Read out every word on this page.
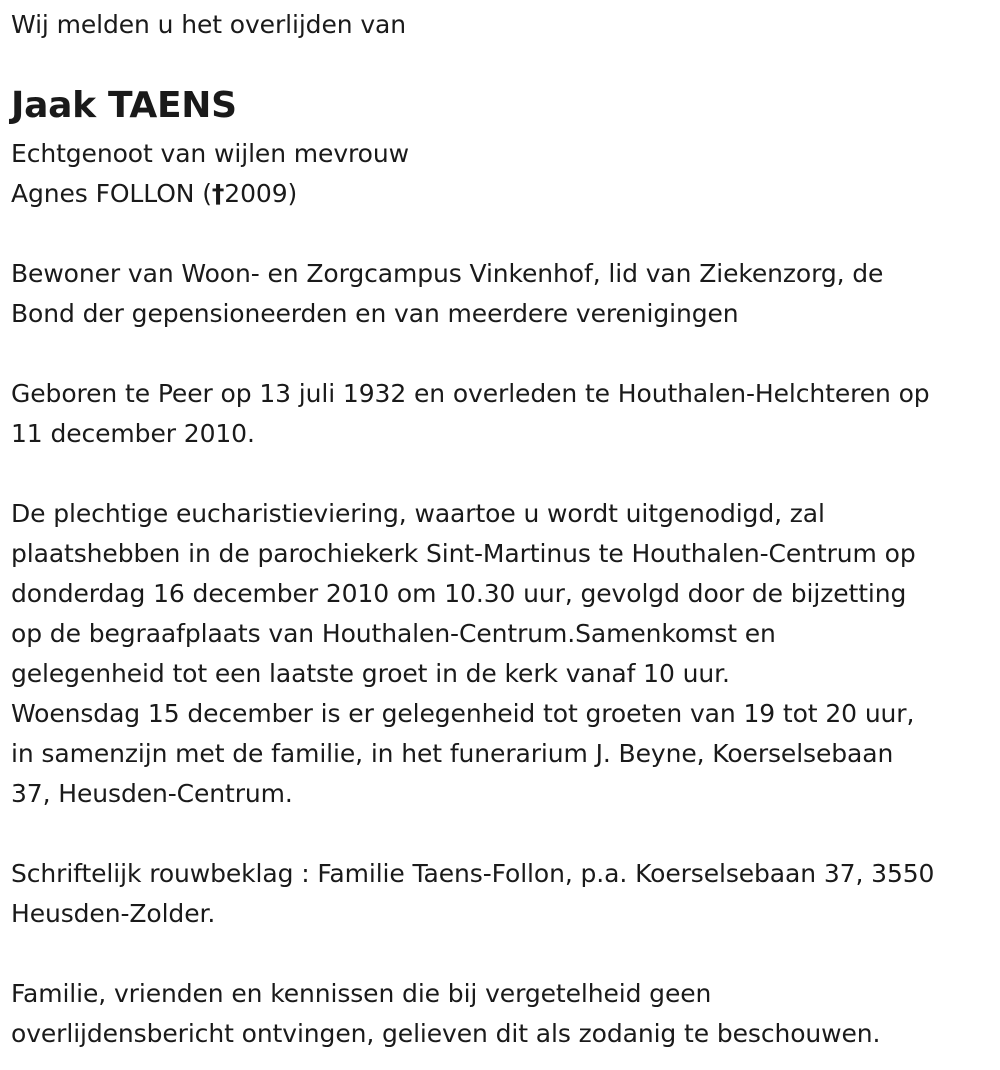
Wij melden u het overlijden van
Jaak TAENS
Echtgenoot van wijlen mevrouw
Agnes FOLLON (†2009)
Bewoner van Woon- en Zorgcampus Vinkenhof, lid van Ziekenzorg, de
Bond der gepensioneerden en van meerdere verenigingen
Geboren te Peer op 13 juli 1932 en overleden te Houthalen-Helchteren op
11 december 2010.
De plechtige eucharistieviering, waartoe u wordt uitgenodigd, zal
plaatshebben in de parochiekerk Sint-Martinus te Houthalen-Centrum op
donderdag 16 december 2010 om 10.30 uur, gevolgd door de bijzetting
op de begraafplaats van Houthalen-Centrum.Samenkomst en
gelegenheid tot een laatste groet in de kerk vanaf 10 uur.
Woensdag 15 december is er gelegenheid tot groeten van 19 tot 20 uur,
in samenzijn met de familie, in het funerarium J. Beyne, Koerselsebaan
37, Heusden-Centrum.
Schriftelijk rouwbeklag : Familie Taens-Follon, p.a. Koerselsebaan 37, 3550
Heusden-Zolder.
Familie, vrienden en kennissen die bij vergetelheid geen
overlijdensbericht ontvingen, gelieven dit als zodanig te beschouwen.
